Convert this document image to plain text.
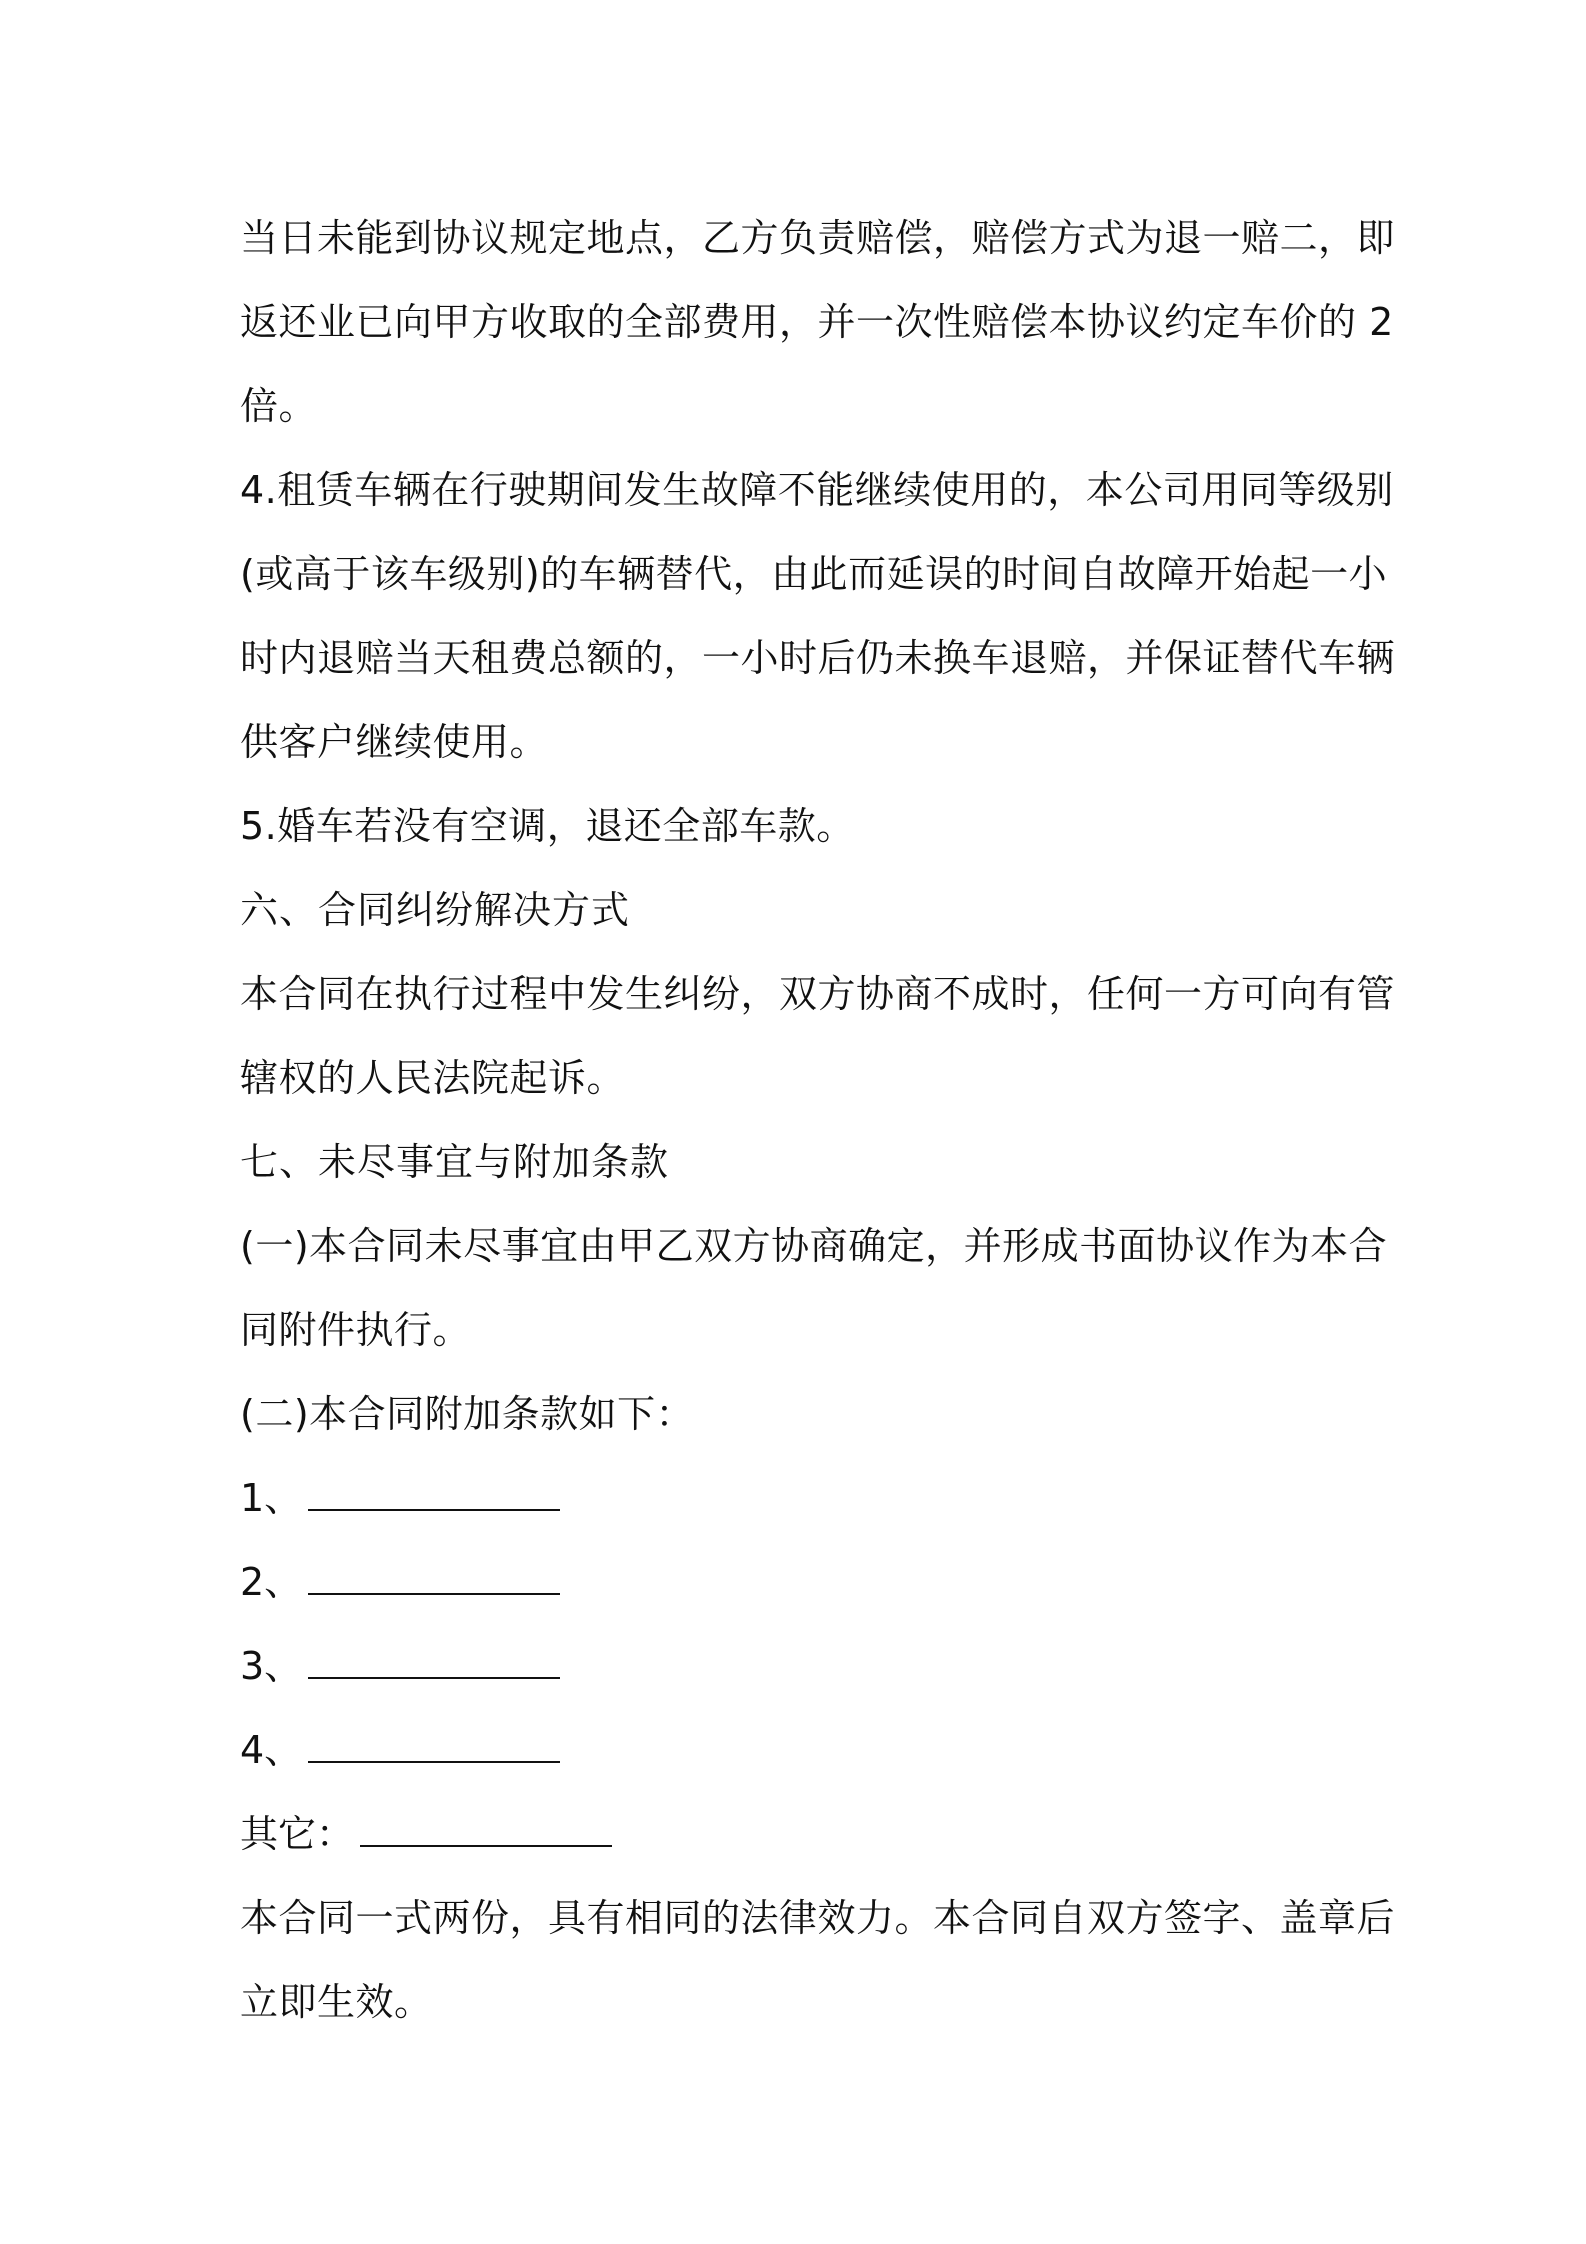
当日未能到协议规定地点，乙方负责赔偿，赔偿方式为退一赔二，即
返还业已向甲方收取的全部费用，并一次性赔偿本协议约定车价的 2
倍。
4.租赁车辆在行驶期间发生故障不能继续使用的，本公司用同等级别
(或高于该车级别)的车辆替代，由此而延误的时间自故障开始起一小
时内退赔当天租费总额的，一小时后仍未换车退赔，并保证替代车辆
供客户继续使用。
5.婚车若没有空调，退还全部车款。
六、合同纠纷解决方式
本合同在执行过程中发生纠纷，双方协商不成时，任何一方可向有管
辖权的人民法院起诉。
七、未尽事宜与附加条款
(一)本合同未尽事宜由甲乙双方协商确定，并形成书面协议作为本合
同附件执行。
(二)本合同附加条款如下：
1、
2、
3、
4、
其它：
本合同一式两份，具有相同的法律效力。本合同自双方签字、盖章后
立即生效。
